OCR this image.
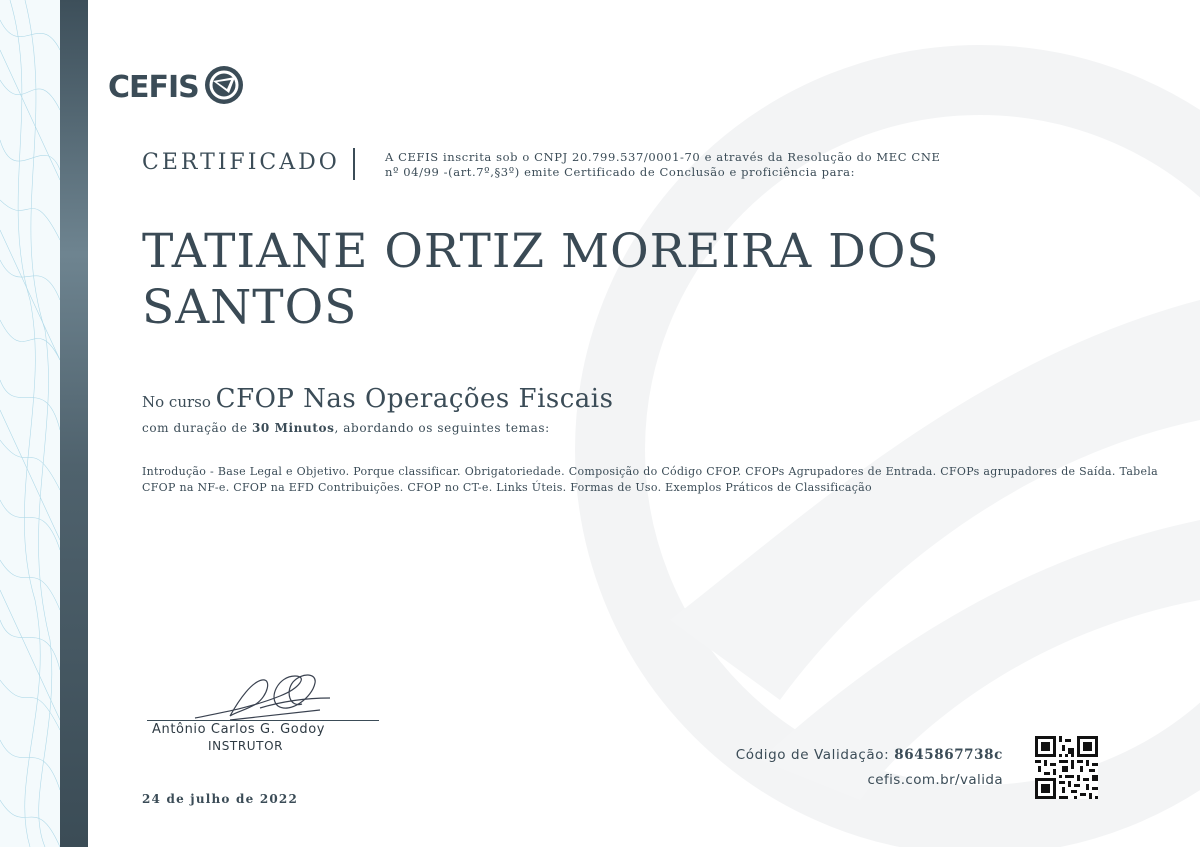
CEFIS
CERTIFICADO	A CEFIS inscrita sob o CNPJ 20.799.537/0001-70 e através da Resolução do MEC CNE
nº 04/99 -(art.7º,§3º) emite Certificado de Conclusão e proficiência para:
TATIANE ORTIZ MOREIRA DOS SANTOS
No curso CFOP Nas Operações Fiscais
com duração de 30 Minutos, abordando os seguintes temas:
Introdução - Base Legal e Objetivo. Porque classificar. Obrigatoriedade. Composição do Código CFOP. CFOPs Agrupadores de Entrada. CFOPs agrupadores de Saída. Tabela CFOP na NF-e. CFOP na EFD Contribuições. CFOP no CT-e. Links Úteis. Formas de Uso. Exemplos Práticos de Classificação
Antônio Carlos G. Godoy
INSTRUTOR
24 de julho de 2022
Código de Validação: 8645867738c
cefis.com.br/valida
